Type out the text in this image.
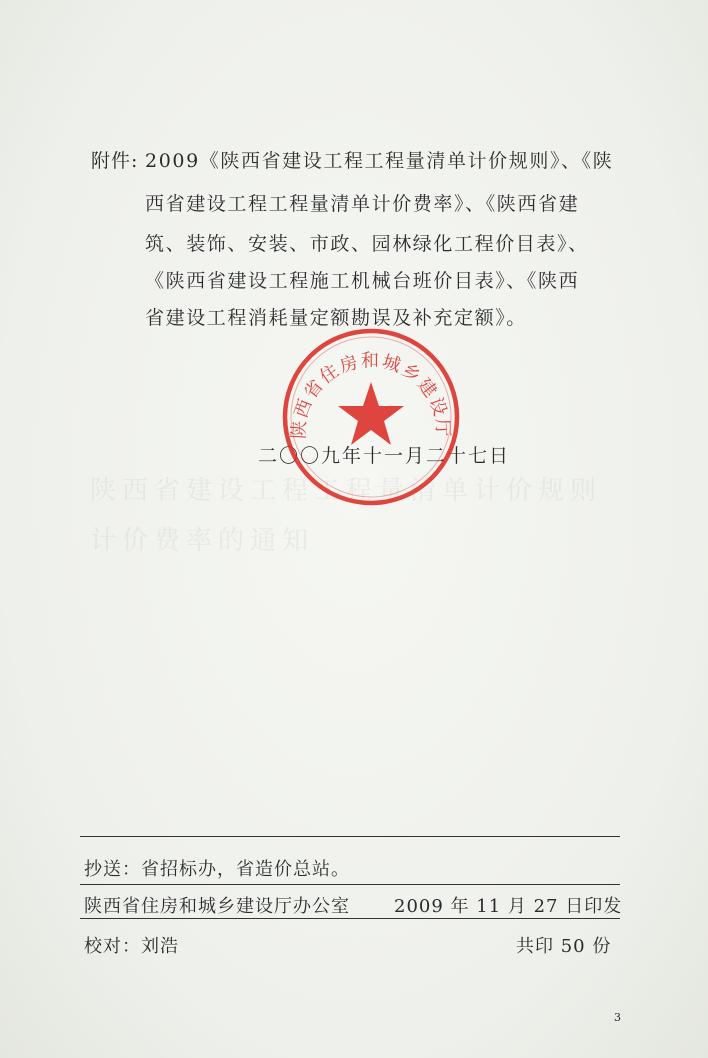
陕西省建设工程工程量清单计价规则
计价费率的通知
附件: 2009《陕西省建设工程工程量清单计价规则》、《陕
西省建设工程工程量清单计价费率》、《陕西省建
筑、装饰、安装、市政、园林绿化工程价目表》、
《陕西省建设工程施工机械台班价目表》、《陕西
省建设工程消耗量定额勘误及补充定额》。
二〇〇九年十一月二十七日
陕西省住房和城乡建设厅
抄送：省招标办，省造价总站。
陕西省住房和城乡建设厅办公室 2009 年 11 月 27 日印发
校对：刘浩	共印 50 份
3
